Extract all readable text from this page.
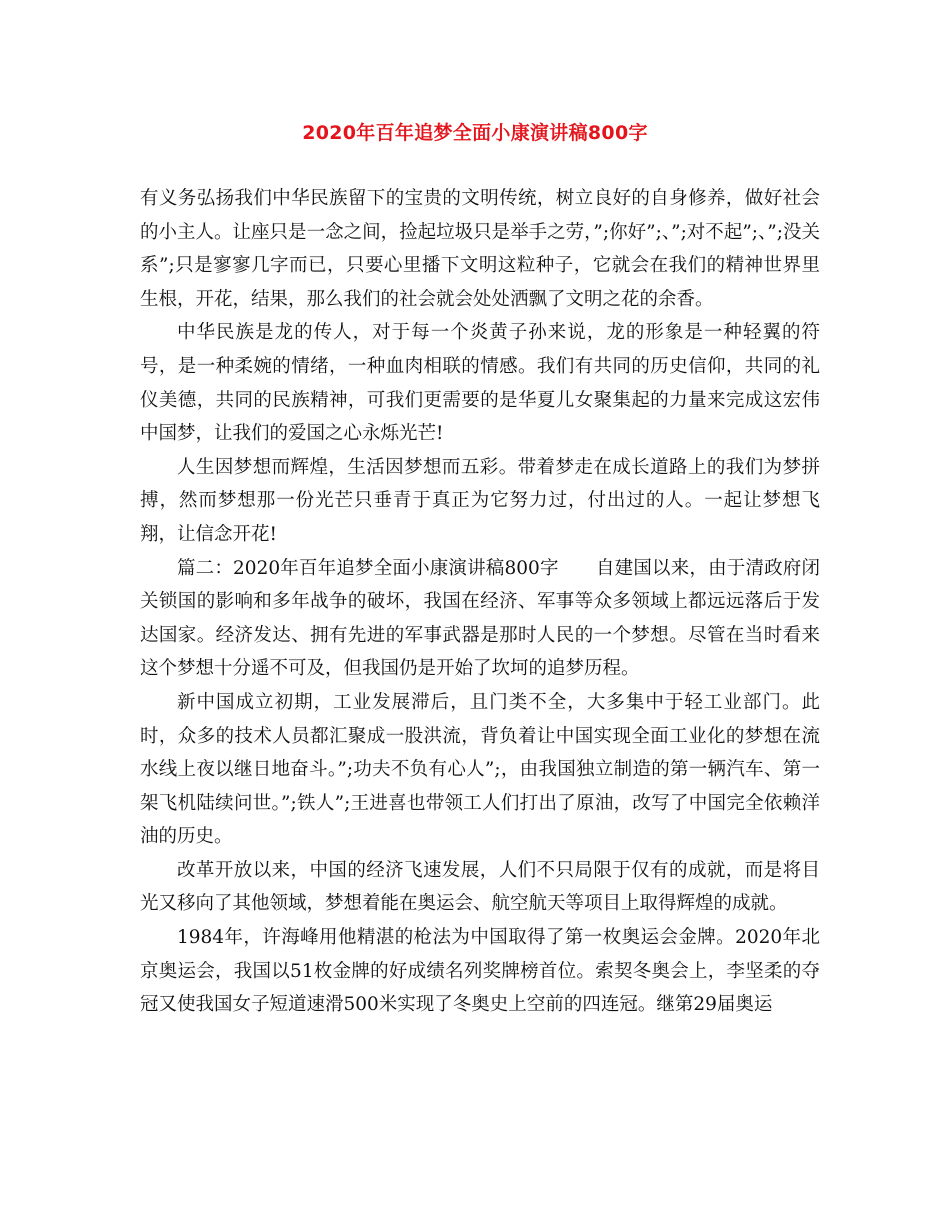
2020年百年追梦全面小康演讲稿800字

有义务弘扬我们中华民族留下的宝贵的文明传统，树立良好的自身修养，做好社会的小主人。让座只是一念之间，捡起垃圾只是举手之劳，”;你好”;、”;对不起”;、”;没关系”;只是寥寥几字而已，只要心里播下文明这粒种子，它就会在我们的精神世界里生根，开花，结果，那么我们的社会就会处处洒飘了文明之花的余香。

中华民族是龙的传人，对于每一个炎黄子孙来说，龙的形象是一种轻翼的符号，是一种柔婉的情绪，一种血肉相联的情感。我们有共同的历史信仰，共同的礼仪美德，共同的民族精神，可我们更需要的是华夏儿女聚集起的力量来完成这宏伟中国梦，让我们的爱国之心永烁光芒!

人生因梦想而辉煌，生活因梦想而五彩。带着梦走在成长道路上的我们为梦拼搏，然而梦想那一份光芒只垂青于真正为它努力过，付出过的人。一起让梦想飞翔，让信念开花!

篇二：2020年百年追梦全面小康演讲稿800字　　自建国以来，由于清政府闭关锁国的影响和多年战争的破坏，我国在经济、军事等众多领域上都远远落后于发达国家。经济发达、拥有先进的军事武器是那时人民的一个梦想。尽管在当时看来这个梦想十分遥不可及，但我国仍是开始了坎坷的追梦历程。

新中国成立初期，工业发展滞后，且门类不全，大多集中于轻工业部门。此时，众多的技术人员都汇聚成一股洪流，背负着让中国实现全面工业化的梦想在流水线上夜以继日地奋斗。”;功夫不负有心人”;，由我国独立制造的第一辆汽车、第一架飞机陆续问世。”;铁人”;王进喜也带领工人们打出了原油，改写了中国完全依赖洋油的历史。

改革开放以来，中国的经济飞速发展，人们不只局限于仅有的成就，而是将目光又移向了其他领域，梦想着能在奥运会、航空航天等项目上取得辉煌的成就。

1984年，许海峰用他精湛的枪法为中国取得了第一枚奥运会金牌。2020年北京奥运会，我国以51枚金牌的好成绩名列奖牌榜首位。索契冬奥会上，李坚柔的夺冠又使我国女子短道速滑500米实现了冬奥史上空前的四连冠。继第29届奥运
